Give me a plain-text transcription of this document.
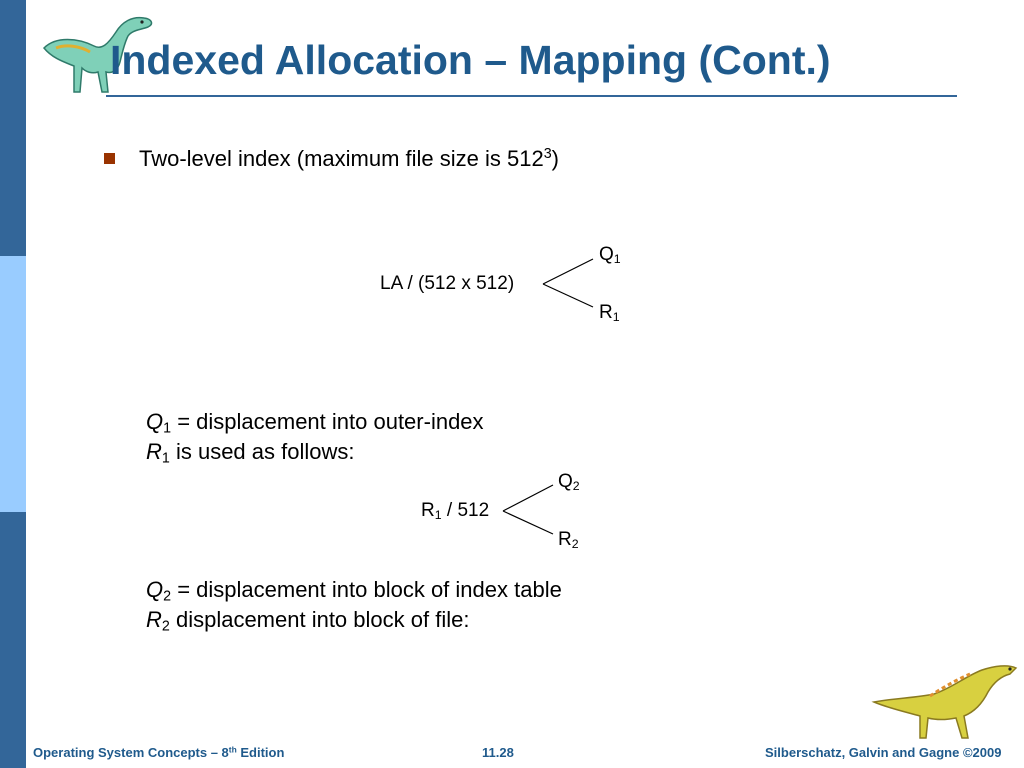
Indexed Allocation – Mapping (Cont.)
Two-level index (maximum file size is $512^3$)
LA / (512 x 512)
$Q_1$
$R_1$
$Q_1$ = displacement into outer-index
$R_1$ is used as follows:
$R_1 / 512$
$Q_2$
$R_2$
$Q_2$ = displacement into block of index table
$R_2$ displacement into block of file:
Operating System Concepts – 8th Edition	11.28	Silberschatz, Galvin and Gagne ©2009
